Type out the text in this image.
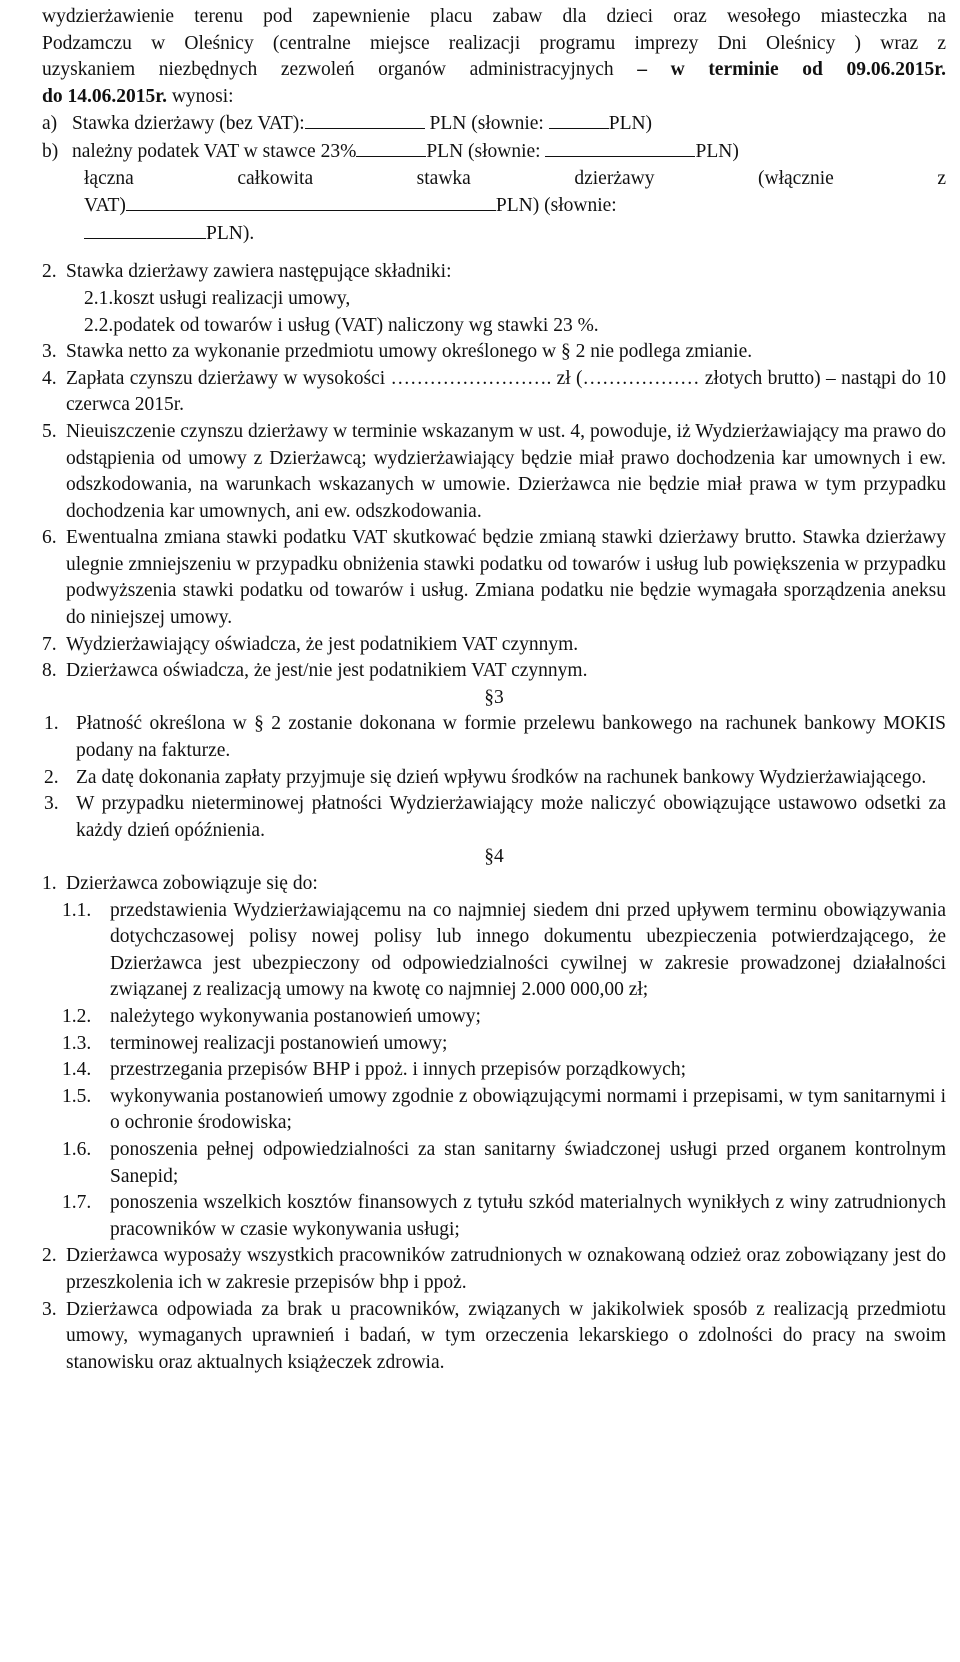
wydzierżawienie terenu pod zapewnienie placu zabaw dla dzieci oraz wesołego miasteczka na

Podzamczu w Oleśnicy (centralne miejsce realizacji programu imprezy Dni Oleśnicy ) wraz z

uzyskaniem niezbędnych zezwoleń organów administracyjnych – w terminie od 09.06.2015r.

do 14.06.2015r. wynosi:

a) Stawka dzierżawy (bez VAT):	PLN (słownie:	PLN)

b) należny podatek VAT w stawce 23%	PLN (słownie:	PLN)

łączna całkowita stawka dzierżawy (włącznie z

VAT)	PLN) (słownie:

PLN).

2. Stawka dzierżawy zawiera następujące składniki:

2.1.koszt usługi realizacji umowy,

2.2.podatek od towarów i usług (VAT) naliczony wg stawki 23 %.

3. Stawka netto za wykonanie przedmiotu umowy określonego w § 2 nie podlega zmianie.
4. Zapłata czynszu dzierżawy w wysokości ……………………. zł (……………… złotych brutto) – nastąpi do 10 czerwca 2015r.
5. Nieuiszczenie czynszu dzierżawy w terminie wskazanym w ust. 4, powoduje, iż Wydzierżawiający ma prawo do odstąpienia od umowy z Dzierżawcą; wydzierżawiający będzie miał prawo dochodzenia kar umownych i ew. odszkodowania, na warunkach wskazanych w umowie. Dzierżawca nie będzie miał prawa w tym przypadku dochodzenia kar umownych, ani ew. odszkodowania.
6. Ewentualna zmiana stawki podatku VAT skutkować będzie zmianą stawki dzierżawy brutto. Stawka dzierżawy ulegnie zmniejszeniu w przypadku obniżenia stawki podatku od towarów i usług lub powiększenia w przypadku podwyższenia stawki podatku od towarów i usług. Zmiana podatku nie będzie wymagała sporządzenia aneksu do niniejszej umowy.
7. Wydzierżawiający oświadcza, że jest podatnikiem VAT czynnym.
8. Dzierżawca oświadcza, że jest/nie jest podatnikiem VAT czynnym.

§3

1. Płatność określona w § 2 zostanie dokonana w formie przelewu bankowego na rachunek bankowy MOKIS podany na fakturze.
2. Za datę dokonania zapłaty przyjmuje się dzień wpływu środków na rachunek bankowy Wydzierżawiającego.
3. W przypadku nieterminowej płatności Wydzierżawiający może naliczyć obowiązujące ustawowo odsetki za każdy dzień opóźnienia.

§4

1. Dzierżawca zobowiązuje się do:
1.1. przedstawienia Wydzierżawiającemu na co najmniej siedem dni przed upływem terminu obowiązywania dotychczasowej polisy nowej polisy lub innego dokumentu ubezpieczenia potwierdzającego, że Dzierżawca jest ubezpieczony od odpowiedzialności cywilnej w zakresie prowadzonej działalności związanej z realizacją umowy na kwotę co najmniej 2.000 000,00 zł;
1.2. należytego wykonywania postanowień umowy;
1.3. terminowej realizacji postanowień umowy;
1.4. przestrzegania przepisów BHP i ppoż. i innych przepisów porządkowych;
1.5. wykonywania postanowień umowy zgodnie z obowiązującymi normami i przepisami, w tym sanitarnymi i o ochronie środowiska;
1.6. ponoszenia pełnej odpowiedzialności za stan sanitarny świadczonej usługi przed organem kontrolnym Sanepid;
1.7. ponoszenia wszelkich kosztów finansowych z tytułu szkód materialnych wynikłych z winy zatrudnionych pracowników w czasie wykonywania usługi;
2. Dzierżawca wyposaży wszystkich pracowników zatrudnionych w oznakowaną odzież oraz zobowiązany jest do przeszkolenia ich w zakresie przepisów bhp i ppoż.
3. Dzierżawca odpowiada za brak u pracowników, związanych w jakikolwiek sposób z realizacją przedmiotu umowy, wymaganych uprawnień i badań, w tym orzeczenia lekarskiego o zdolności do pracy na swoim stanowisku oraz aktualnych książeczek zdrowia.
